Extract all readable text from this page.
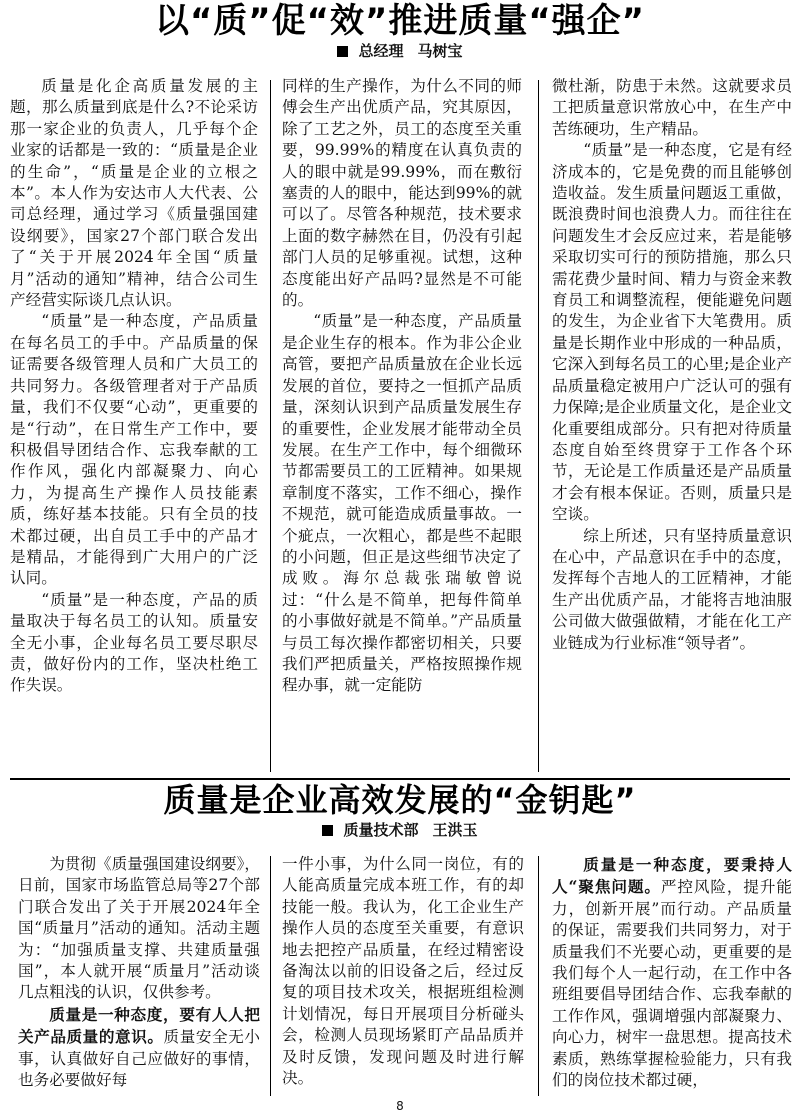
以“质”促“效”推进质量“强企”
总经理 马树宝

质量是化企高质量发展的主题，那么质量到底是什么?不论采访那一家企业的负责人，几乎每个企业家的话都是一致的：“质量是企业的生命”，“质量是企业的立根之本”。本人作为安达市人大代表、公司总经理，通过学习《质量强国建设纲要》，国家27个部门联合发出了“关于开展2024年全国“质量月”活动的通知”精神，结合公司生产经营实际谈几点认识。

“质量”是一种态度，产品质量在每名员工的手中。产品质量的保证需要各级管理人员和广大员工的共同努力。各级管理者对于产品质量，我们不仅要“心动”，更重要的是“行动”，在日常生产工作中，要积极倡导团结合作、忘我奉献的工作作风，强化内部凝聚力、向心力，为提高生产操作人员技能素质，练好基本技能。只有全员的技术都过硬，出自员工手中的产品才是精品，才能得到广大用户的广泛认同。

“质量”是一种态度，产品的质量取决于每名员工的认知。质量安全无小事，企业每名员工要尽职尽责，做好份内的工作，坚决杜绝工作失误。

同样的生产操作，为什么不同的师傅会生产出优质产品，究其原因，除了工艺之外，员工的态度至关重要，99.99%的精度在认真负责的人的眼中就是99.99%，而在敷衍塞责的人的眼中，能达到99%的就可以了。尽管各种规范，技术要求上面的数字赫然在目，仍没有引起部门人员的足够重视。试想，这种态度能出好产品吗?显然是不可能的。

“质量”是一种态度，产品质量是企业生存的根本。作为非公企业高管，要把产品质量放在企业长远发展的首位，要持之一恒抓产品质量，深刻认识到产品质量发展生存的重要性，企业发展才能带动全员发展。在生产工作中，每个细微环节都需要员工的工匠精神。如果规章制度不落实，工作不细心，操作不规范，就可能造成质量事故。一个疵点，一次粗心，都是些不起眼的小问题，但正是这些细节决定了成败。海尔总裁张瑞敏曾说过：“什么是不简单，把每件简单的小事做好就是不简单。”产品质量与员工每次操作都密切相关，只要我们严把质量关，严格按照操作规程办事，就一定能防

微杜渐，防患于未然。这就要求员工把质量意识常放心中，在生产中苦练硬功，生产精品。

“质量”是一种态度，它是有经济成本的，它是免费的而且能够创造收益。发生质量问题返工重做，既浪费时间也浪费人力。而往往在问题发生才会反应过来，若是能够采取切实可行的预防措施，那么只需花费少量时间、精力与资金来教育员工和调整流程，便能避免问题的发生，为企业省下大笔费用。质量是长期作业中形成的一种品质，它深入到每名员工的心里;是企业产品质量稳定被用户广泛认可的强有力保障;是企业质量文化，是企业文化重要组成部分。只有把对待质量态度自始至终贯穿于工作各个环节，无论是工作质量还是产品质量才会有根本保证。否则，质量只是空谈。

综上所述，只有坚持质量意识在心中，产品意识在手中的态度，发挥每个吉地人的工匠精神，才能生产出优质产品，才能将吉地油服公司做大做强做精，才能在化工产业链成为行业标准“领导者”。

质量是企业高效发展的“金钥匙”
质量技术部 王洪玉

为贯彻《质量强国建设纲要》，日前，国家市场监管总局等27个部门联合发出了关于开展2024年全国“质量月”活动的通知。活动主题为：“加强质量支撑、共建质量强国”，本人就开展“质量月”活动谈几点粗浅的认识，仅供参考。

质量是一种态度，要有人人把关产品质量的意识。质量安全无小事，认真做好自己应做好的事情，也务必要做好每

一件小事，为什么同一岗位，有的人能高质量完成本班工作，有的却技能一般。我认为，化工企业生产操作人员的态度至关重要，有意识地去把控产品质量，在经过精密设备淘汰以前的旧设备之后，经过反复的项目技术攻关，根据班组检测计划情况，每日开展项目分析碰头会，检测人员现场紧盯产品品质并及时反馈，发现问题及时进行解决。

质量是一种态度，要秉持人人“聚焦问题。严控风险，提升能力，创新开展”而行动。产品质量的保证，需要我们共同努力，对于质量我们不光要心动，更重要的是我们每个人一起行动，在工作中各班组要倡导团结合作、忘我奉献的工作作风，强调增强内部凝聚力、向心力，树牢一盘思想。提高技术素质，熟练掌握检验能力，只有我们的岗位技术都过硬，

8
